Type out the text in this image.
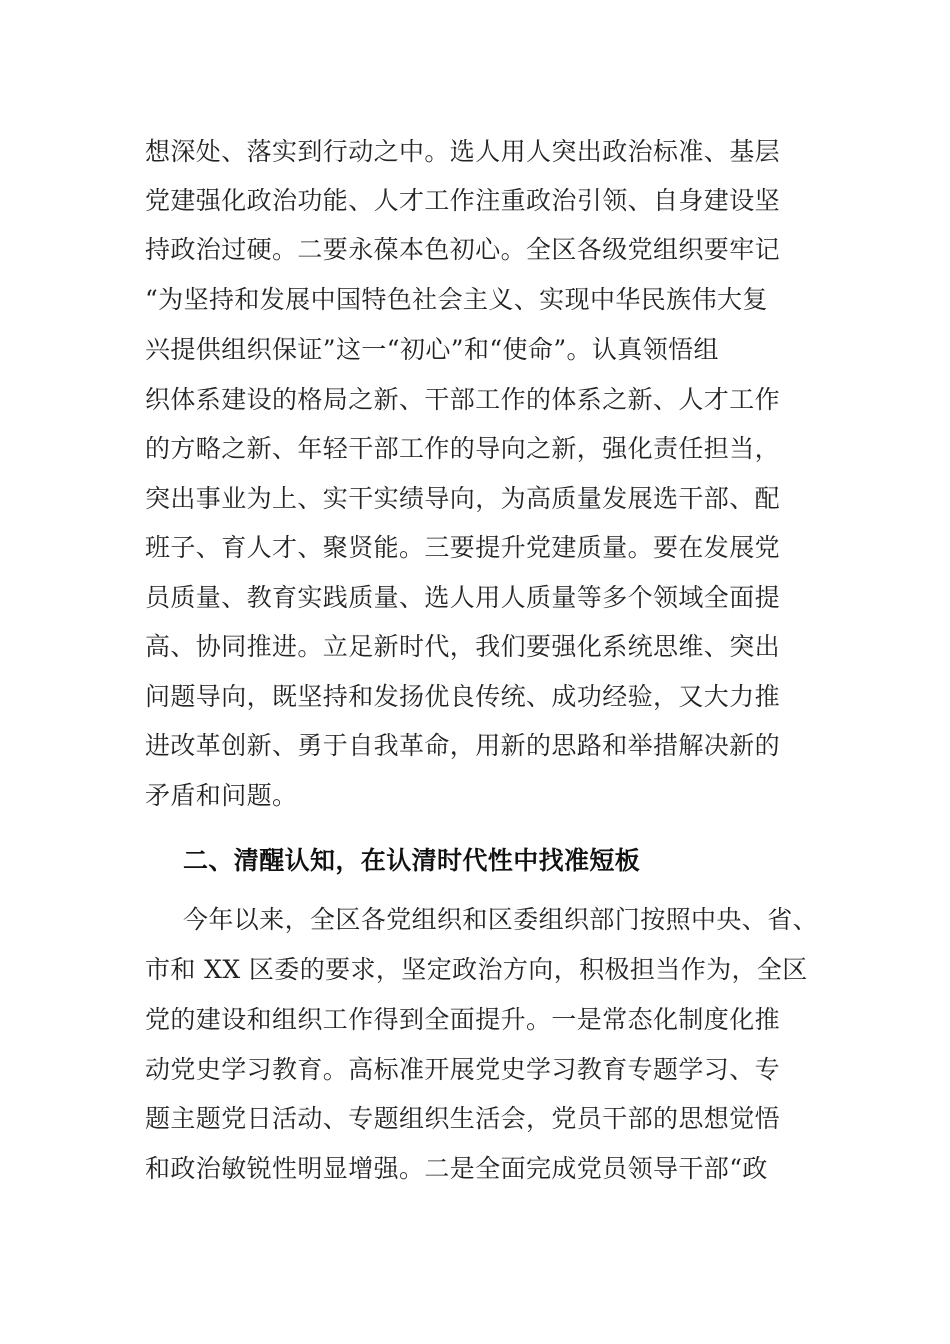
想深处、落实到行动之中。选人用人突出政治标准、基层
党建强化政治功能、人才工作注重政治引领、自身建设坚
持政治过硬。二要永葆本色初心。全区各级党组织要牢记
“为坚持和发展中国特色社会主义、实现中华民族伟大复
兴提供组织保证”这一“初心”和“使命”。认真领悟组
织体系建设的格局之新、干部工作的体系之新、人才工作
的方略之新、年轻干部工作的导向之新，强化责任担当，
突出事业为上、实干实绩导向，为高质量发展选干部、配
班子、育人才、聚贤能。三要提升党建质量。要在发展党
员质量、教育实践质量、选人用人质量等多个领域全面提
高、协同推进。立足新时代，我们要强化系统思维、突出
问题导向，既坚持和发扬优良传统、成功经验，又大力推
进改革创新、勇于自我革命，用新的思路和举措解决新的
矛盾和问题。
二、清醒认知，在认清时代性中找准短板
今年以来，全区各党组织和区委组织部门按照中央、省、
市和 XX 区委的要求，坚定政治方向，积极担当作为，全区
党的建设和组织工作得到全面提升。一是常态化制度化推
动党史学习教育。高标准开展党史学习教育专题学习、专
题主题党日活动、专题组织生活会，党员干部的思想觉悟
和政治敏锐性明显增强。二是全面完成党员领导干部“政
